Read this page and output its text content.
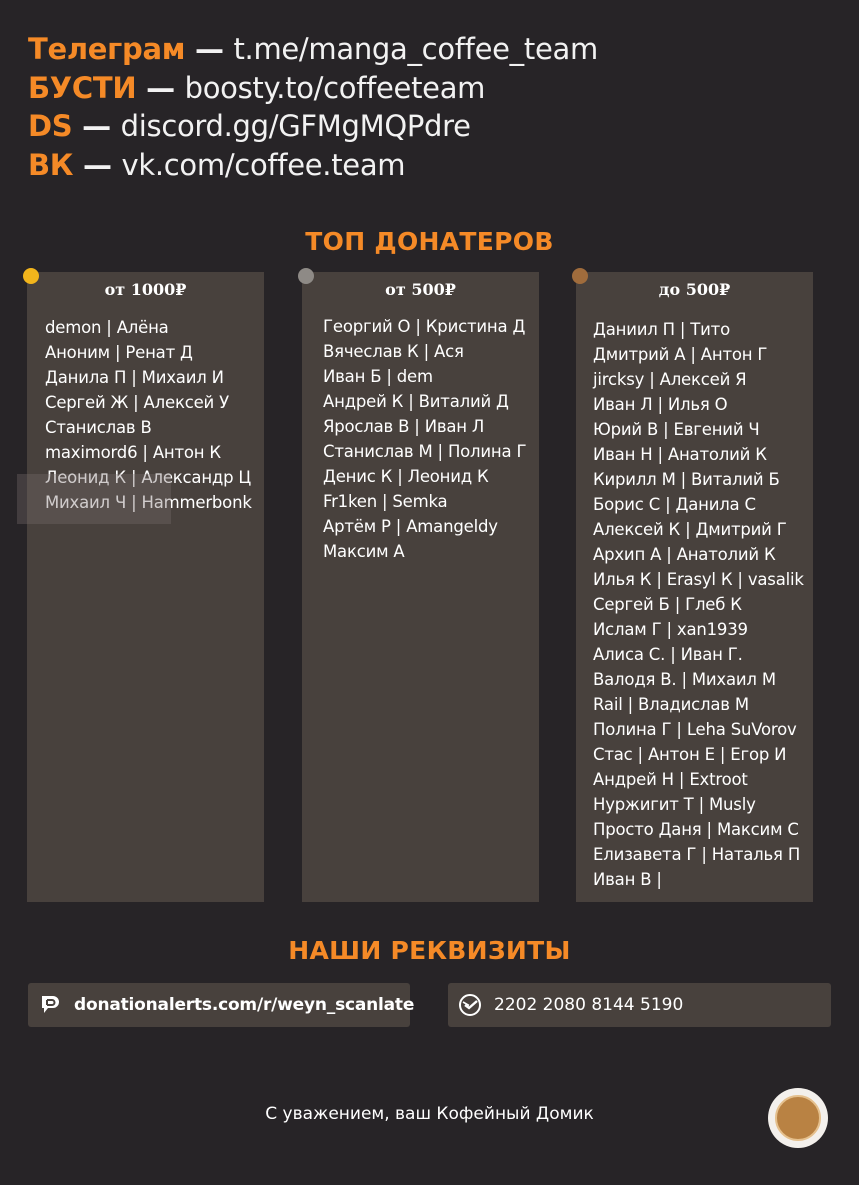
Телеграм — t.me/manga_coffee_team
БУСТИ — boosty.to/coffeeteam
DS — discord.gg/GFMgMQPdre
ВК — vk.com/coffee.team
ТОП ДОНАТЕРОВ
от 1000₽
demon | Алёна
Аноним | Ренат Д
Данила П | Михаил И
Сергей Ж | Алексей У
Станислав В
maximord6 | Антон К
Леонид К | Александр Ц
Михаил Ч | Hammerbonk
от 500₽
Георгий О | Кристина Д
Вячеслав К | Ася
Иван Б | dem
Андрей К | Виталий Д
Ярослав В | Иван Л
Станислав М | Полина Г
Денис К | Леонид К
Fr1ken | Semka
Артём Р | Amangeldy
Максим А
до 500₽
Даниил П | Тито
Дмитрий А | Антон Г
jircksy | Алексей Я
Иван Л | Илья О
Юрий В | Евгений Ч
Иван Н | Анатолий К
Кирилл М | Виталий Б
Борис С | Данила С
Алексей К | Дмитрий Г
Архип А | Анатолий К
Илья К | Erasyl К | vasalik
Сергей Б | Глеб К
Ислам Г | xan1939
Алиса С. | Иван Г.
Валодя В. | Михаил М
Rail | Владислав М
Полина Г | Leha SuVorov
Стас | Антон Е | Егор И
Андрей Н | Extroot
Нуржигит Т | Musly
Просто Даня | Максим С
Елизавета Г | Наталья П
Иван В |
НАШИ РЕКВИЗИТЫ
donationalerts.com/r/weyn_scanlate	2202 2080 8144 5190
С уважением, ваш Кофейный Домик
